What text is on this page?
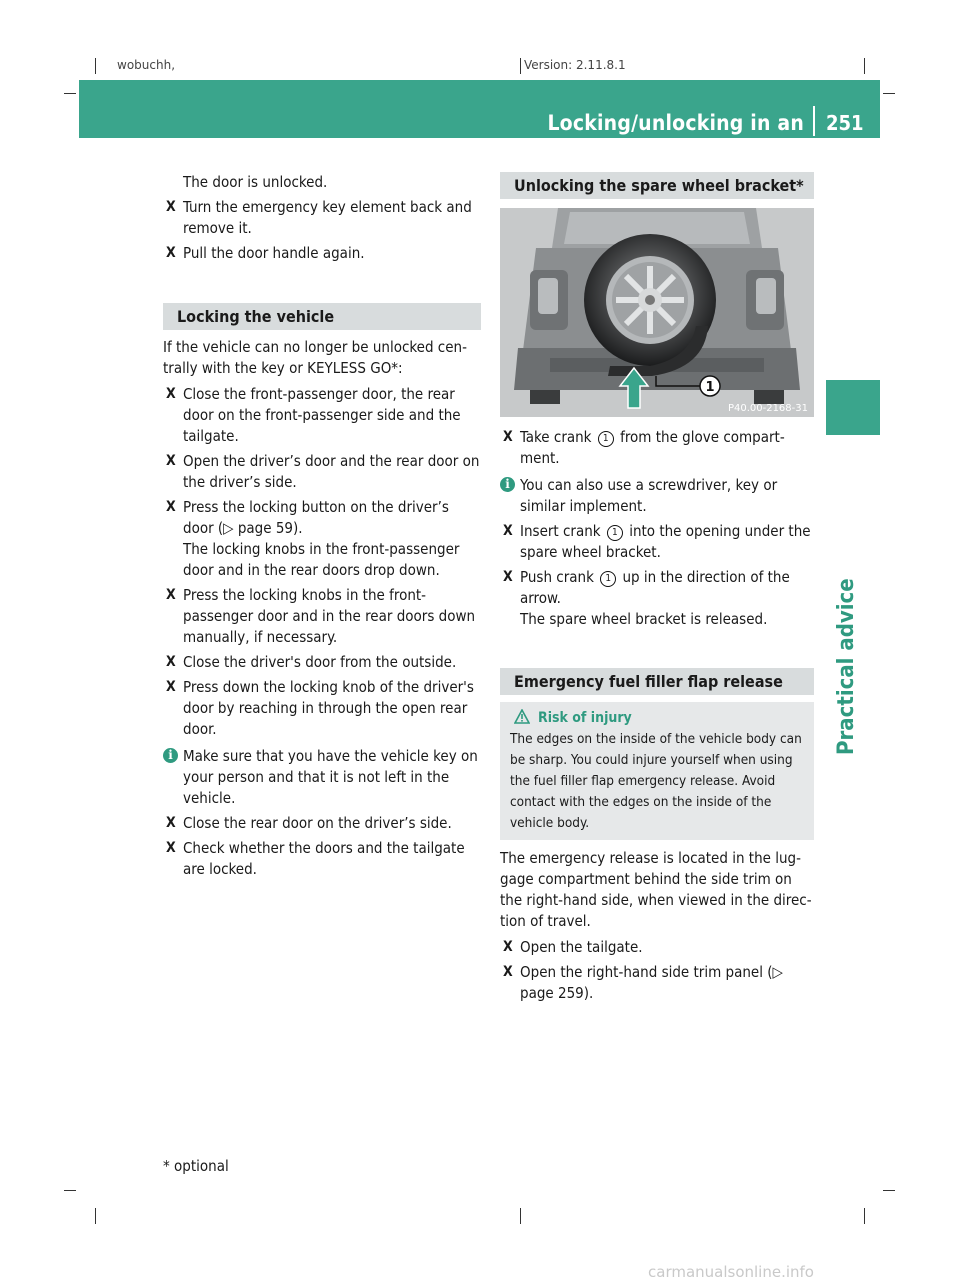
wobuchh,	Version: 2.11.8.1
Locking/unlocking in an emergency
251
Practical advice
The door is unlocked.
X Turn the emergency key element back and remove it.
X Pull the door handle again.
Locking the vehicle
If the vehicle can no longer be unlocked cen-trally with the key or KEYLESS GO*:
X Close the front-passenger door, the rear door on the front-passenger side and the tailgate.
X Open the driver’s door and the rear door on the driver’s side.
X Press the locking button on the driver’s door (▷ page 59).
The locking knobs in the front-passenger door and in the rear doors drop down.
X Press the locking knobs in the front-passenger door and in the rear doors down manually, if necessary.
X Close the driver's door from the outside.
X Press down the locking knob of the driver's door by reaching in through the open rear door.
i Make sure that you have the vehicle key on your person and that it is not left in the vehicle.
X Close the rear door on the driver’s side.
X Check whether the doors and the tailgate are locked.
Unlocking the spare wheel bracket*
1
P40.00-2168-31
X Take crank 1 from the glove compart-ment.
i You can also use a screwdriver, key or similar implement.
X Insert crank 1 into the opening under the spare wheel bracket.
X Push crank 1 up in the direction of the arrow.
The spare wheel bracket is released.
Emergency fuel filler flap release
Risk of injury
The edges on the inside of the vehicle body can be sharp. You could injure yourself when using the fuel filler flap emergency release. Avoid contact with the edges on the inside of the vehicle body.
The emergency release is located in the lug-gage compartment behind the side trim on the right-hand side, when viewed in the direc-tion of travel.
X Open the tailgate.
X Open the right-hand side trim panel (▷ page 259).
* optional
carmanualsonline.info
